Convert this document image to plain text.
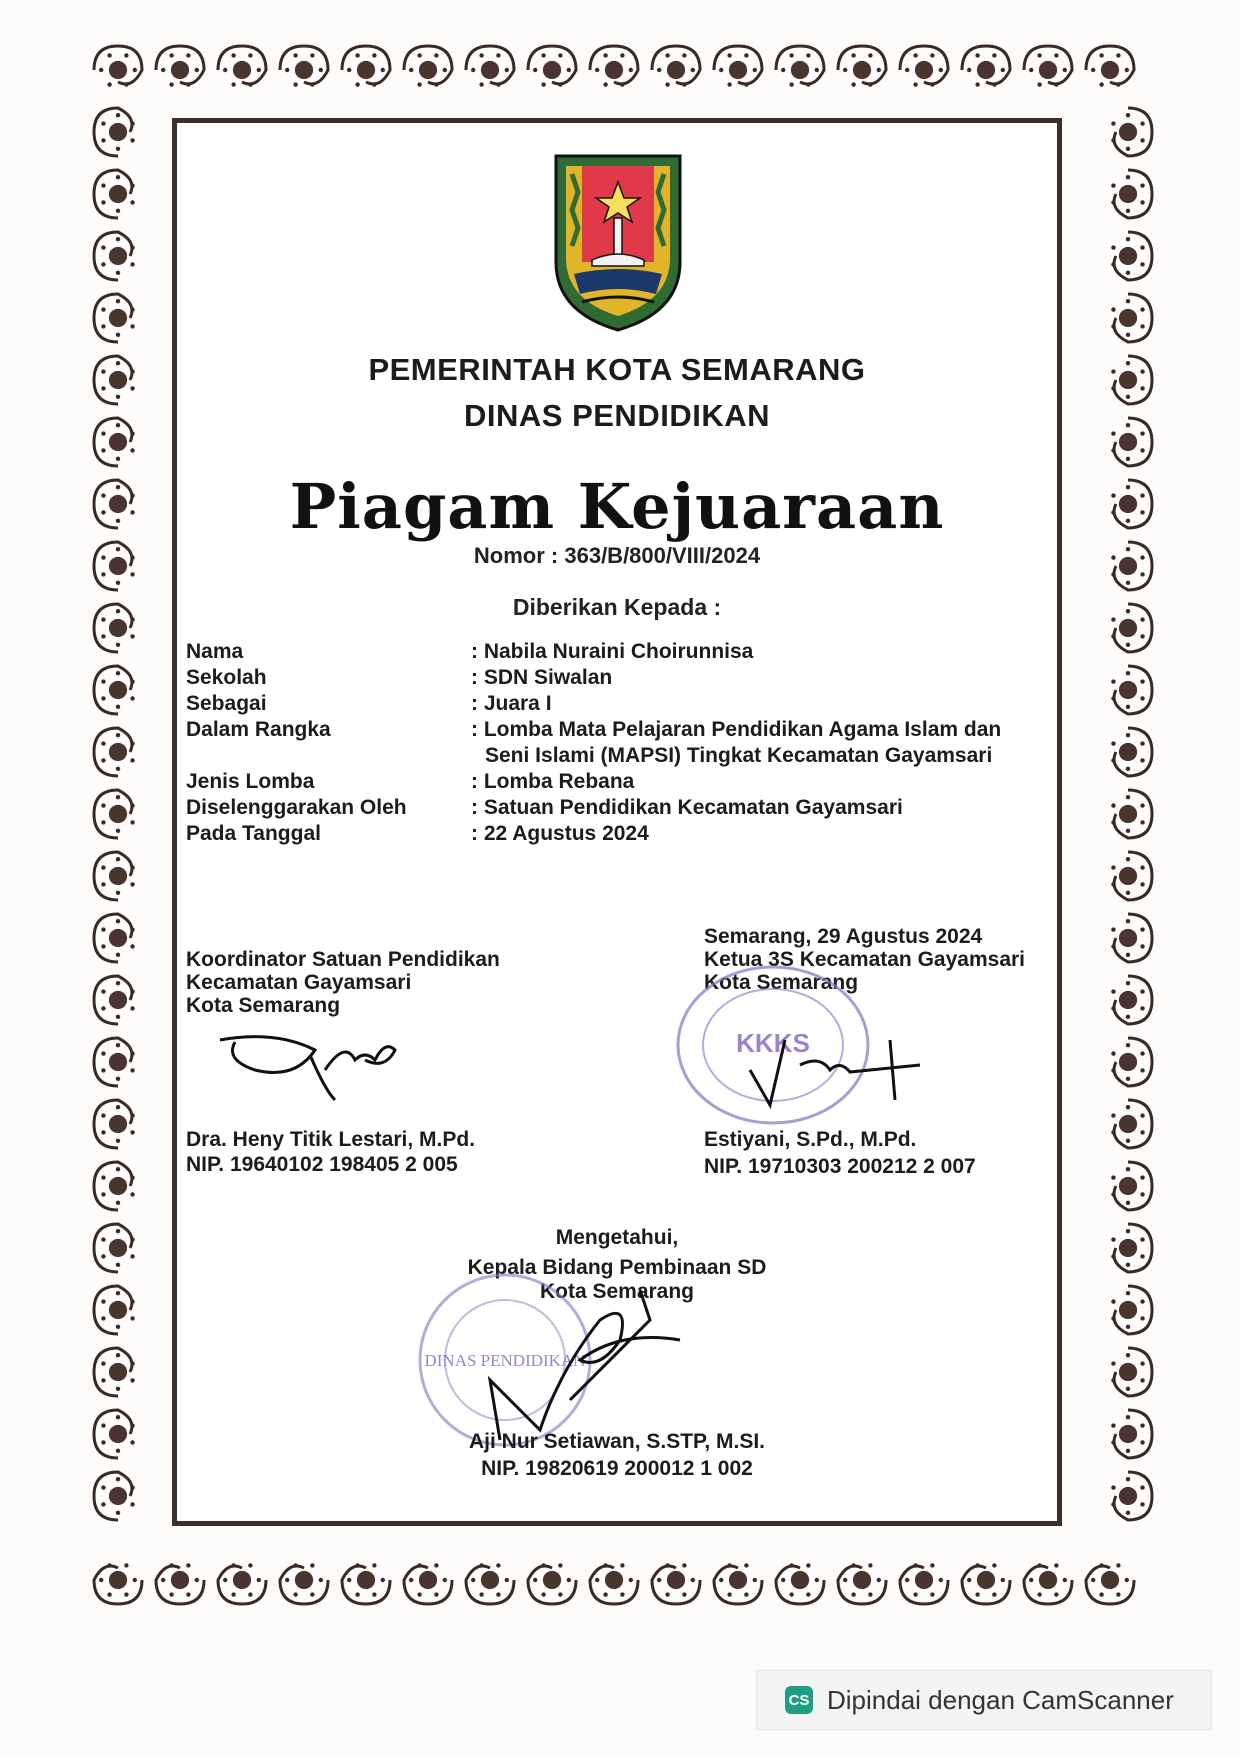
PEMERINTAH KOTA SEMARANG
DINAS PENDIDIKAN
Piagam Kejuaraan
Nomor : 363/B/800/VIII/2024
Diberikan Kepada :
Nama	: Nabila Nuraini Choirunnisa
Sekolah	: SDN Siwalan
Sebagai	: Juara I
Dalam Rangka	: Lomba Mata Pelajaran Pendidikan Agama Islam dan
Seni Islami (MAPSI) Tingkat Kecamatan Gayamsari
Jenis Lomba	: Lomba Rebana
Diselenggarakan Oleh	: Satuan Pendidikan Kecamatan Gayamsari
Pada Tanggal	: 22 Agustus 2024
Koordinator Satuan Pendidikan
Kecamatan Gayamsari
Kota Semarang
Dra. Heny Titik Lestari, M.Pd.
NIP. 19640102 198405 2 005
Semarang, 29 Agustus 2024
Ketua 3S Kecamatan Gayamsari
Kota Semarang
KKKS
Estiyani, S.Pd., M.Pd.
NIP. 19710303 200212 2 007
Mengetahui,
Kepala Bidang Pembinaan SD
Kota Semarang
DINAS PENDIDIKAN
Aji Nur Setiawan, S.STP, M.SI.
NIP. 19820619 200012 1 002
CS Dipindai dengan CamScanner
